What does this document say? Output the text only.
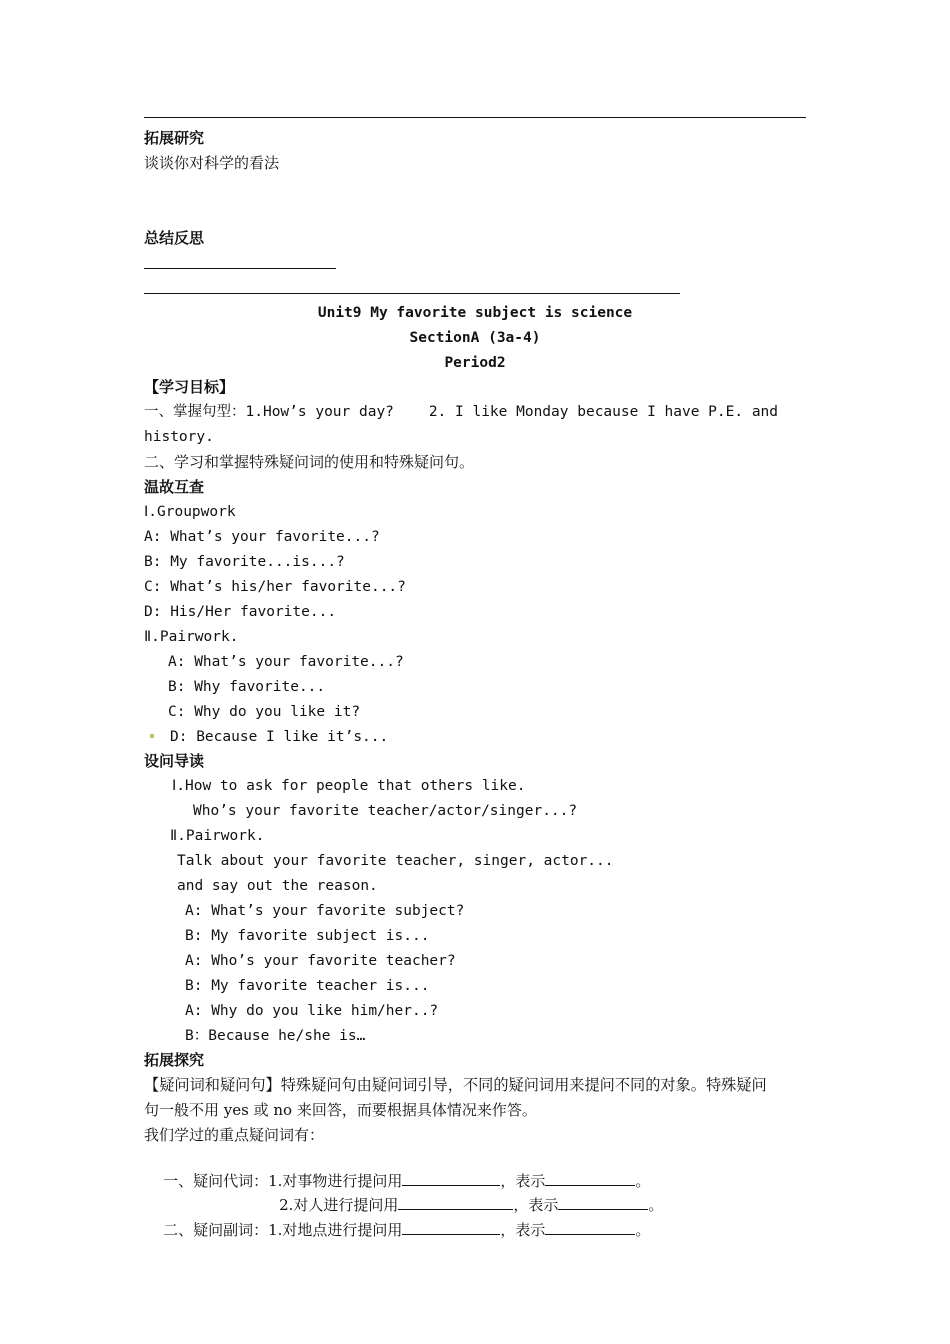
拓展研究
谈谈你对科学的看法
总结反思
Unit9 My favorite subject is science
SectionA (3a-4)
Period2
【学习目标】
一、掌握句型：1.How’s your day?    2. I like Monday because I have P.E. and
history.
二、学习和掌握特殊疑问词的使用和特殊疑问句。
温故互查
Ⅰ.Groupwork
A: What’s your favorite...?
B: My favorite...is...?
C: What’s his/her favorite...?
D: His/Her favorite...
Ⅱ.Pairwork.
A: What’s your favorite...?
B: Why favorite...
C: Why do you like it?
D: Because I like it’s...
设问导读
Ⅰ.How to ask for people that others like.
Who’s your favorite teacher/actor/singer...?
Ⅱ.Pairwork.
Talk about your favorite teacher, singer, actor...
and say out the reason.
A: What’s your favorite subject?
B: My favorite subject is...
A: Who’s your favorite teacher?
B: My favorite teacher is...
A: Why do you like him/her..?
B：Because he/she is…
拓展探究
【疑问词和疑问句】特殊疑问句由疑问词引导，不同的疑问词用来提问不同的对象。特殊疑问
句一般不用 yes 或 no 来回答，而要根据具体情况来作答。
我们学过的重点疑问词有：

一、疑问代词：1.对事物进行提问用	，表示	。

2.对人进行提问用	，表示	。

二、疑问副词：1.对地点进行提问用	，表示	。
